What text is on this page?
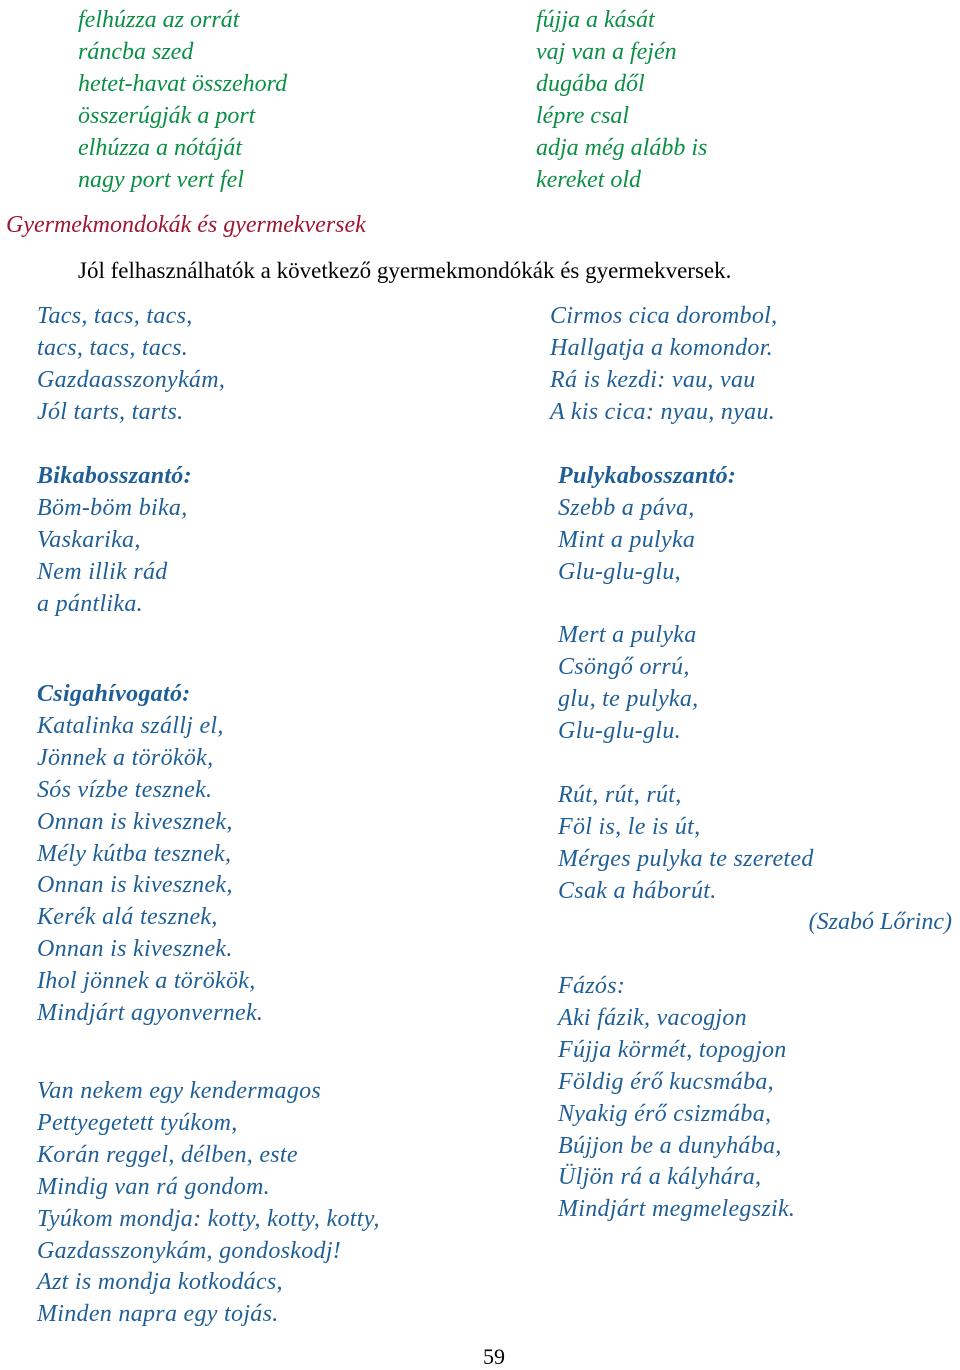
felhúzza az orrát
ráncba szed
hetet-havat összehord
összerúgják a port
elhúzza a nótáját
nagy port vert fel
fújja a kását
vaj van a fején
dugába dől
lépre csal
adja még alább is
kereket old
Gyermekmondokák és gyermekversek
Jól felhasználhatók a következő gyermekmondókák és gyermekversek.
Tacs, tacs, tacs,
tacs, tacs, tacs.
Gazdaasszonykám,
Jól tarts, tarts.
Bikabosszantó:
Böm-böm bika,
Vaskarika,
Nem illik rád
a pántlika.
Csigahívogató:
Katalinka szállj el,
Jönnek a törökök,
Sós vízbe tesznek.
Onnan is kivesznek,
Mély kútba tesznek,
Onnan is kivesznek,
Kerék alá tesznek,
Onnan is kivesznek.
Ihol jönnek a törökök,
Mindjárt agyonvernek.
Van nekem egy kendermagos
Pettyegetett tyúkom,
Korán reggel, délben, este
Mindig van rá gondom.
Tyúkom mondja: kotty, kotty, kotty,
Gazdasszonykám, gondoskodj!
Azt is mondja kotkodács,
Minden napra egy tojás.
Cirmos cica dorombol,
Hallgatja a komondor.
Rá is kezdi: vau, vau
A kis cica: nyau, nyau.
Pulykabosszantó:
Szebb a páva,
Mint a pulyka
Glu-glu-glu,
Mert a pulyka
Csöngő orrú,
glu, te pulyka,
Glu-glu-glu.
Rút, rút, rút,
Föl is, le is út,
Mérges pulyka te szereted
Csak a háborút.
(Szabó Lőrinc)
Fázós:
Aki fázik, vacogjon
Fújja körmét, topogjon
Földig érő kucsmába,
Nyakig érő csizmába,
Bújjon be a dunyhába,
Üljön rá a kályhára,
Mindjárt megmelegszik.
59
